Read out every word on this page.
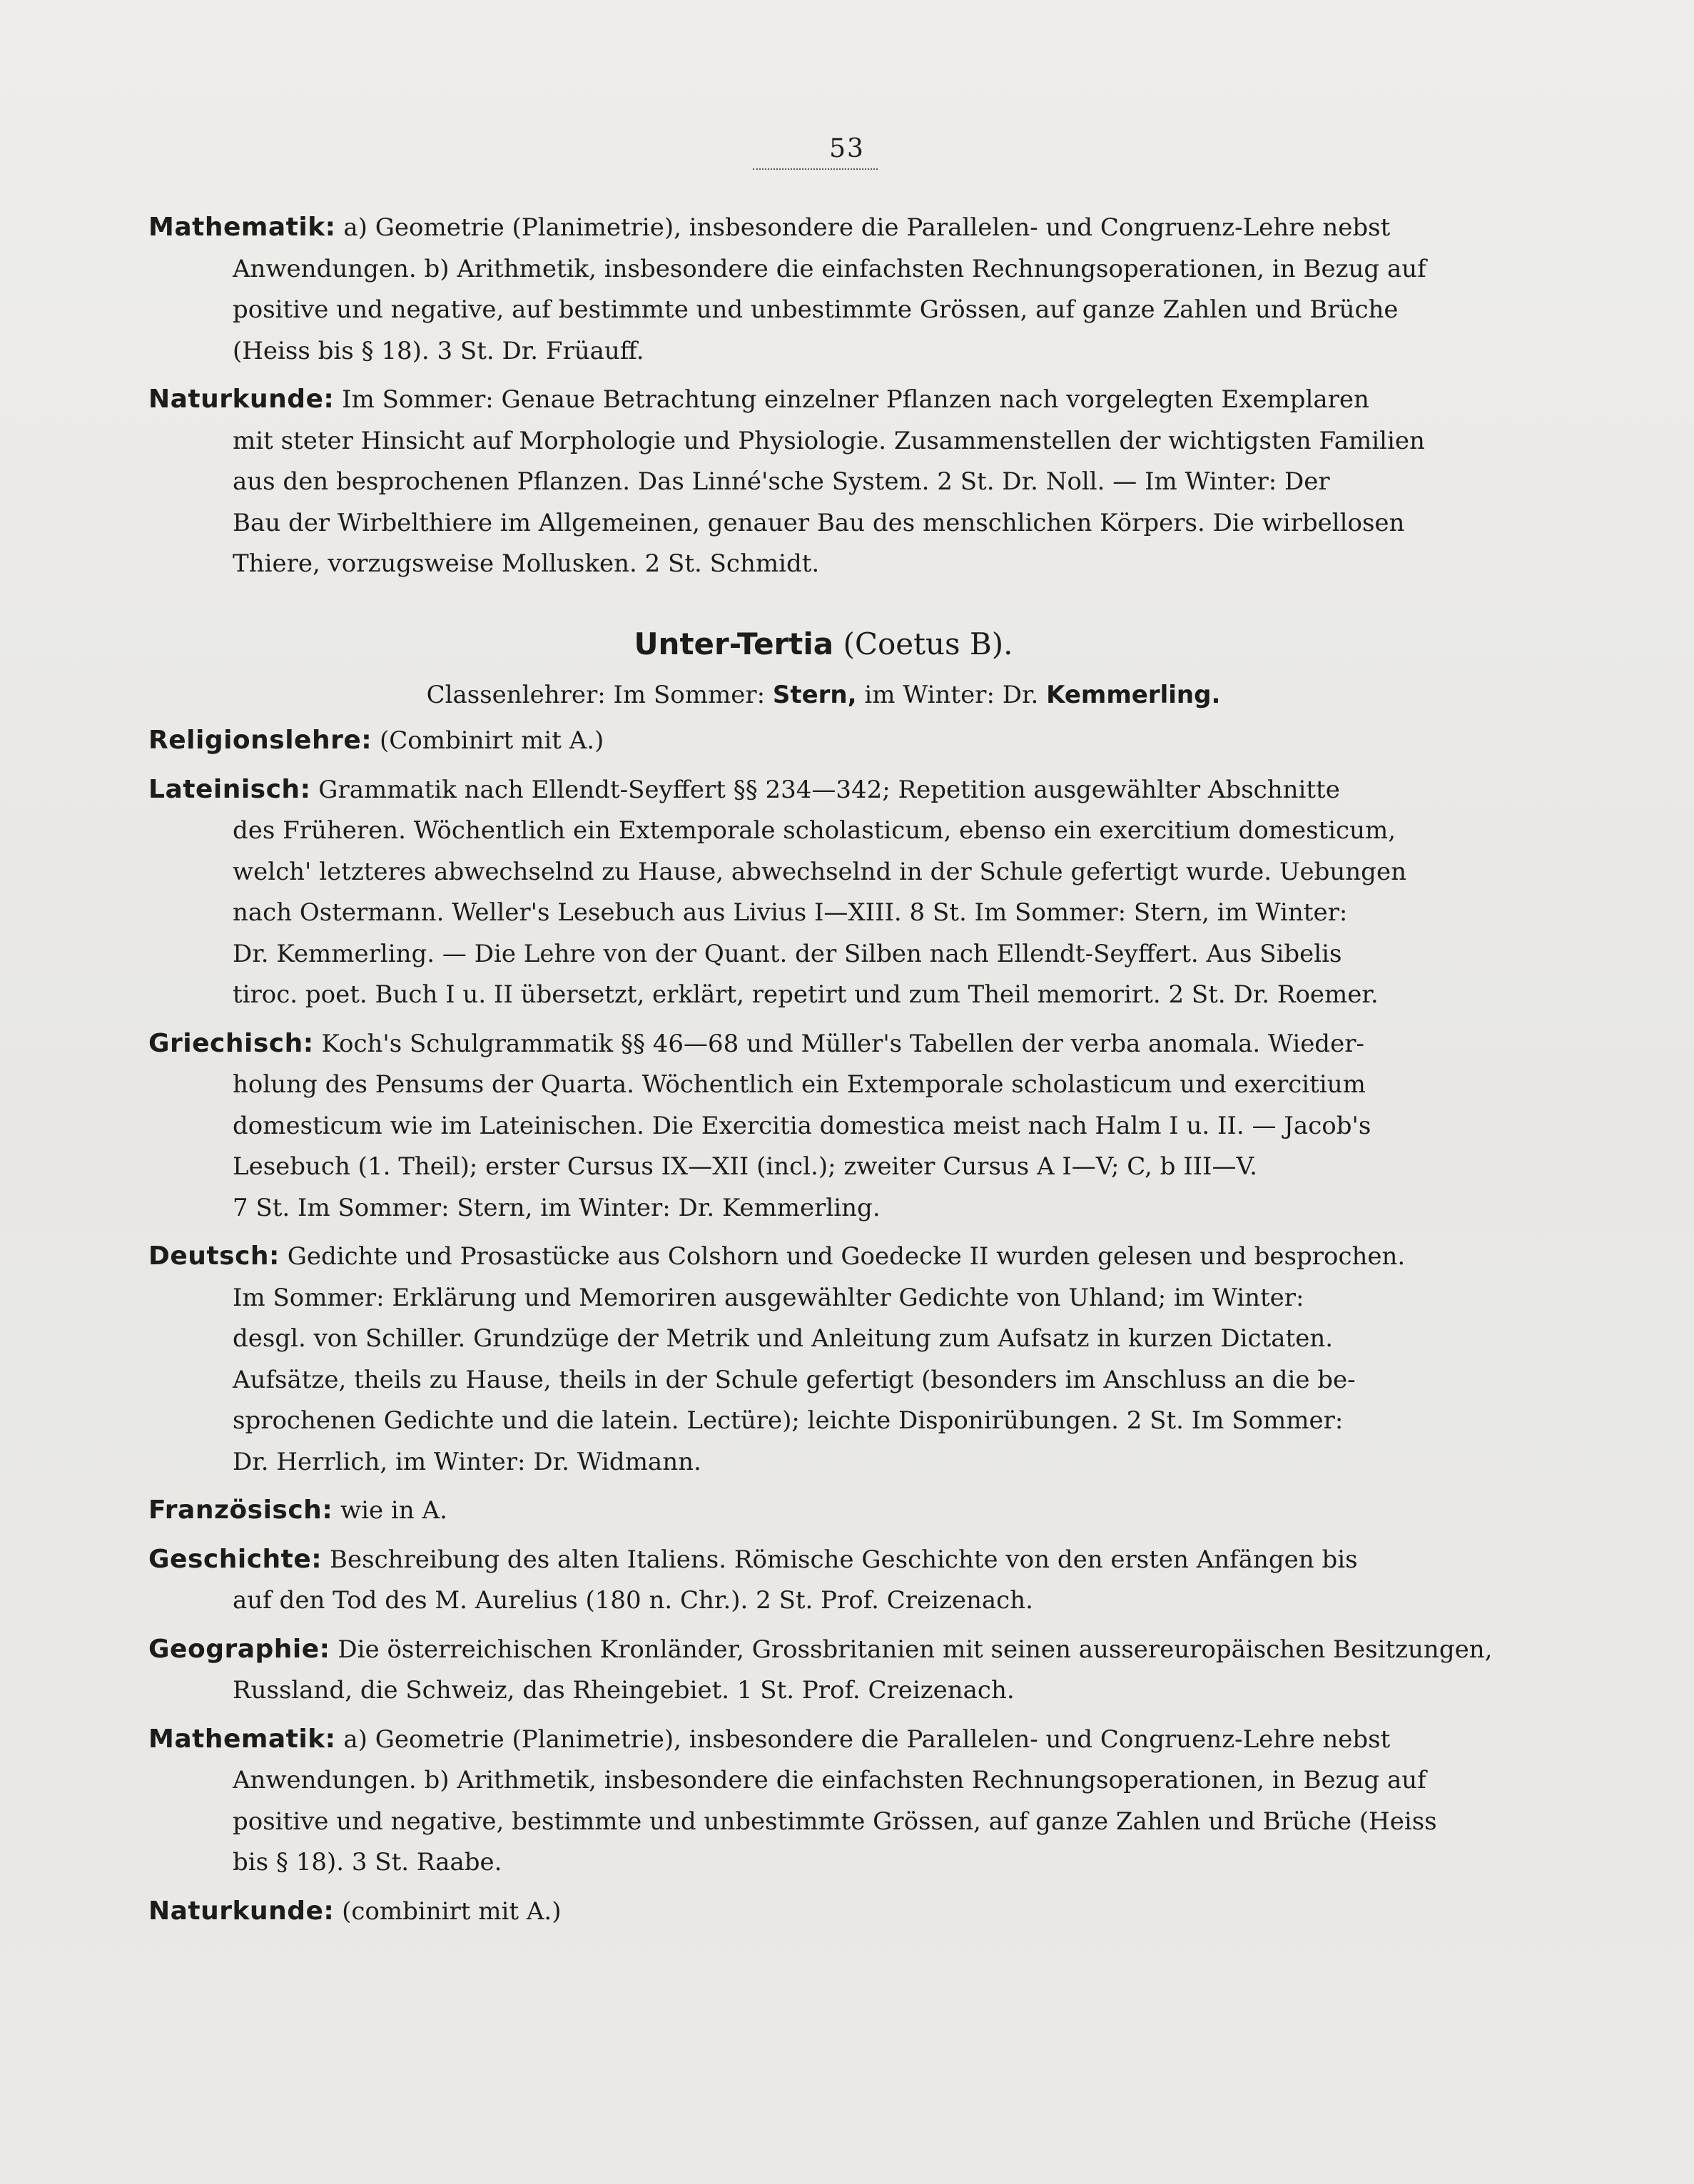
53
Mathematik: a) Geometrie (Planimetrie), insbesondere die Parallelen- und Congruenz-Lehre nebst
Anwendungen. b) Arithmetik, insbesondere die einfachsten Rechnungsoperationen, in Bezug auf
positive und negative, auf bestimmte und unbestimmte Grössen, auf ganze Zahlen und Brüche
(Heiss bis § 18). 3 St. Dr. Früauff.
Naturkunde: Im Sommer: Genaue Betrachtung einzelner Pflanzen nach vorgelegten Exemplaren
mit steter Hinsicht auf Morphologie und Physiologie. Zusammenstellen der wichtigsten Familien
aus den besprochenen Pflanzen. Das Linné'sche System. 2 St. Dr. Noll. — Im Winter: Der
Bau der Wirbelthiere im Allgemeinen, genauer Bau des menschlichen Körpers. Die wirbellosen
Thiere, vorzugsweise Mollusken. 2 St. Schmidt.
Unter-Tertia (Coetus B).
Classenlehrer: Im Sommer: Stern, im Winter: Dr. Kemmerling.
Religionslehre: (Combinirt mit A.)
Lateinisch: Grammatik nach Ellendt-Seyffert §§ 234—342; Repetition ausgewählter Abschnitte
des Früheren. Wöchentlich ein Extemporale scholasticum, ebenso ein exercitium domesticum,
welch' letzteres abwechselnd zu Hause, abwechselnd in der Schule gefertigt wurde. Uebungen
nach Ostermann. Weller's Lesebuch aus Livius I—XIII. 8 St. Im Sommer: Stern, im Winter:
Dr. Kemmerling. — Die Lehre von der Quant. der Silben nach Ellendt-Seyffert. Aus Sibelis
tiroc. poet. Buch I u. II übersetzt, erklärt, repetirt und zum Theil memorirt. 2 St. Dr. Roemer.
Griechisch: Koch's Schulgrammatik §§ 46—68 und Müller's Tabellen der verba anomala. Wieder-
holung des Pensums der Quarta. Wöchentlich ein Extemporale scholasticum und exercitium
domesticum wie im Lateinischen. Die Exercitia domestica meist nach Halm I u. II. — Jacob's
Lesebuch (1. Theil); erster Cursus IX—XII (incl.); zweiter Cursus A I—V; C, b III—V.
7 St. Im Sommer: Stern, im Winter: Dr. Kemmerling.
Deutsch: Gedichte und Prosastücke aus Colshorn und Goedecke II wurden gelesen und besprochen.
Im Sommer: Erklärung und Memoriren ausgewählter Gedichte von Uhland; im Winter:
desgl. von Schiller. Grundzüge der Metrik und Anleitung zum Aufsatz in kurzen Dictaten.
Aufsätze, theils zu Hause, theils in der Schule gefertigt (besonders im Anschluss an die be-
sprochenen Gedichte und die latein. Lectüre); leichte Disponirübungen. 2 St. Im Sommer:
Dr. Herrlich, im Winter: Dr. Widmann.
Französisch: wie in A.
Geschichte: Beschreibung des alten Italiens. Römische Geschichte von den ersten Anfängen bis
auf den Tod des M. Aurelius (180 n. Chr.). 2 St. Prof. Creizenach.
Geographie: Die österreichischen Kronländer, Grossbritanien mit seinen aussereuropäischen Besitzungen,
Russland, die Schweiz, das Rheingebiet. 1 St. Prof. Creizenach.
Mathematik: a) Geometrie (Planimetrie), insbesondere die Parallelen- und Congruenz-Lehre nebst
Anwendungen. b) Arithmetik, insbesondere die einfachsten Rechnungsoperationen, in Bezug auf
positive und negative, bestimmte und unbestimmte Grössen, auf ganze Zahlen und Brüche (Heiss
bis § 18). 3 St. Raabe.
Naturkunde: (combinirt mit A.)
